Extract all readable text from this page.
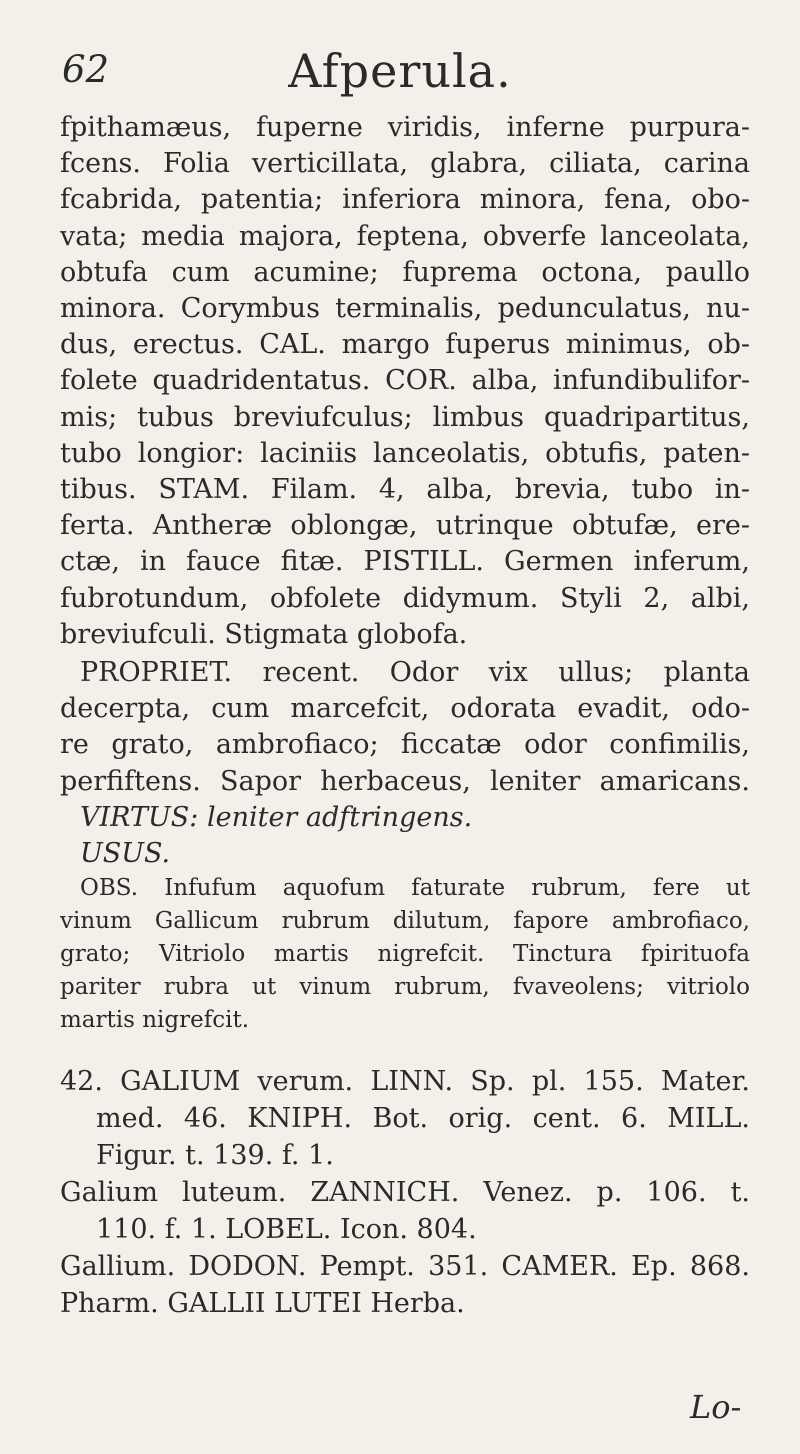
62	Afperula.
fpithamæus, fuperne viridis, inferne purpura-
fcens. Folia verticillata, glabra, ciliata, carina
fcabrida, patentia; inferiora minora, fena, obo-
vata; media majora, feptena, obverfe lanceolata,
obtufa cum acumine; fuprema octona, paullo
minora. Corymbus terminalis, pedunculatus, nu-
dus, erectus. CAL. margo fuperus minimus, ob-
folete quadridentatus. COR. alba, infundibulifor-
mis; tubus breviufculus; limbus quadripartitus,
tubo longior: laciniis lanceolatis, obtufis, paten-
tibus. STAM. Filam. 4, alba, brevia, tubo in-
ferta. Antheræ oblongæ, utrinque obtufæ, ere-
ctæ, in fauce fitæ. PISTILL. Germen inferum,
fubrotundum, obfolete didymum. Styli 2, albi,
breviufculi. Stigmata globofa.
PROPRIET. recent. Odor vix ullus; planta
decerpta, cum marcefcit, odorata evadit, odo-
re grato, ambrofiaco; ficcatæ odor confimilis,
perfiftens. Sapor herbaceus, leniter amaricans.
VIRTUS: leniter adftringens.
USUS.
OBS. Infufum aquofum faturate rubrum, fere ut
vinum Gallicum rubrum dilutum, fapore ambrofiaco,
grato; Vitriolo martis nigrefcit. Tinctura fpirituofa
pariter rubra ut vinum rubrum, fvaveolens; vitriolo
martis nigrefcit.
42. GALIUM verum. LINN. Sp. pl. 155. Mater.
med. 46. KNIPH. Bot. orig. cent. 6. MILL.
Figur. t. 139. f. 1.
Galium luteum. ZANNICH. Venez. p. 106. t.
110. f. 1. LOBEL. Icon. 804.
Gallium. DODON. Pempt. 351. CAMER. Ep. 868.
Pharm. GALLII LUTEI Herba.
Lo-
